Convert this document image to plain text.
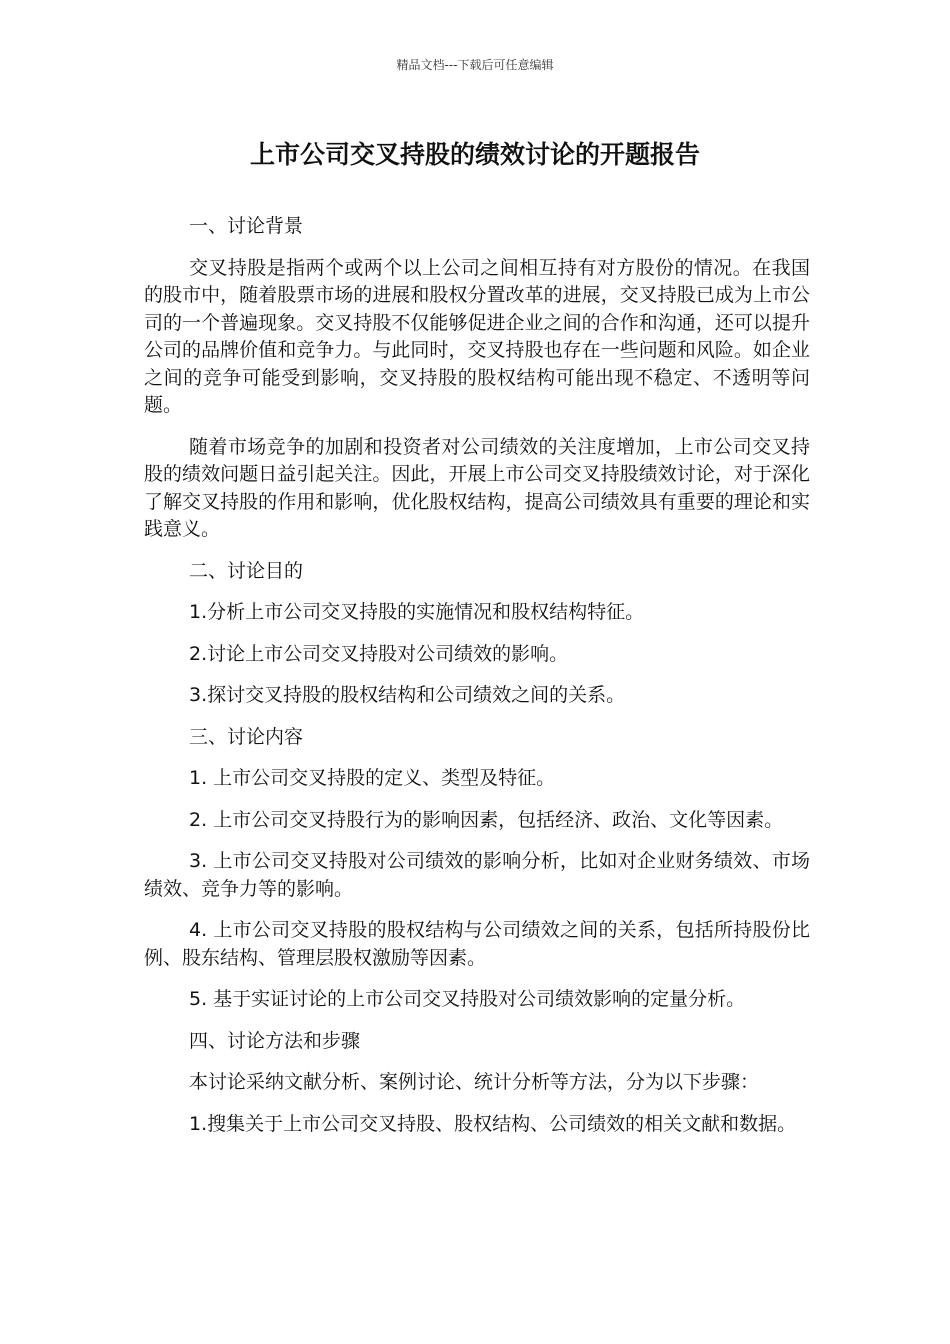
精品文档---下载后可任意编辑
上市公司交叉持股的绩效讨论的开题报告

一、讨论背景

交叉持股是指两个或两个以上公司之间相互持有对方股份的情况。在我国的股市中，随着股票市场的进展和股权分置改革的进展，交叉持股已成为上市公司的一个普遍现象。交叉持股不仅能够促进企业之间的合作和沟通，还可以提升公司的品牌价值和竞争力。与此同时，交叉持股也存在一些问题和风险。如企业之间的竞争可能受到影响，交叉持股的股权结构可能出现不稳定、不透明等问题。

随着市场竞争的加剧和投资者对公司绩效的关注度增加，上市公司交叉持股的绩效问题日益引起关注。因此，开展上市公司交叉持股绩效讨论，对于深化了解交叉持股的作用和影响，优化股权结构，提高公司绩效具有重要的理论和实践意义。

二、讨论目的

1.分析上市公司交叉持股的实施情况和股权结构特征。

2.讨论上市公司交叉持股对公司绩效的影响。

3.探讨交叉持股的股权结构和公司绩效之间的关系。

三、讨论内容

1. 上市公司交叉持股的定义、类型及特征。

2. 上市公司交叉持股行为的影响因素，包括经济、政治、文化等因素。

3. 上市公司交叉持股对公司绩效的影响分析，比如对企业财务绩效、市场绩效、竞争力等的影响。

4. 上市公司交叉持股的股权结构与公司绩效之间的关系，包括所持股份比例、股东结构、管理层股权激励等因素。

5. 基于实证讨论的上市公司交叉持股对公司绩效影响的定量分析。

四、讨论方法和步骤

本讨论采纳文献分析、案例讨论、统计分析等方法，分为以下步骤：

1.搜集关于上市公司交叉持股、股权结构、公司绩效的相关文献和数据。
